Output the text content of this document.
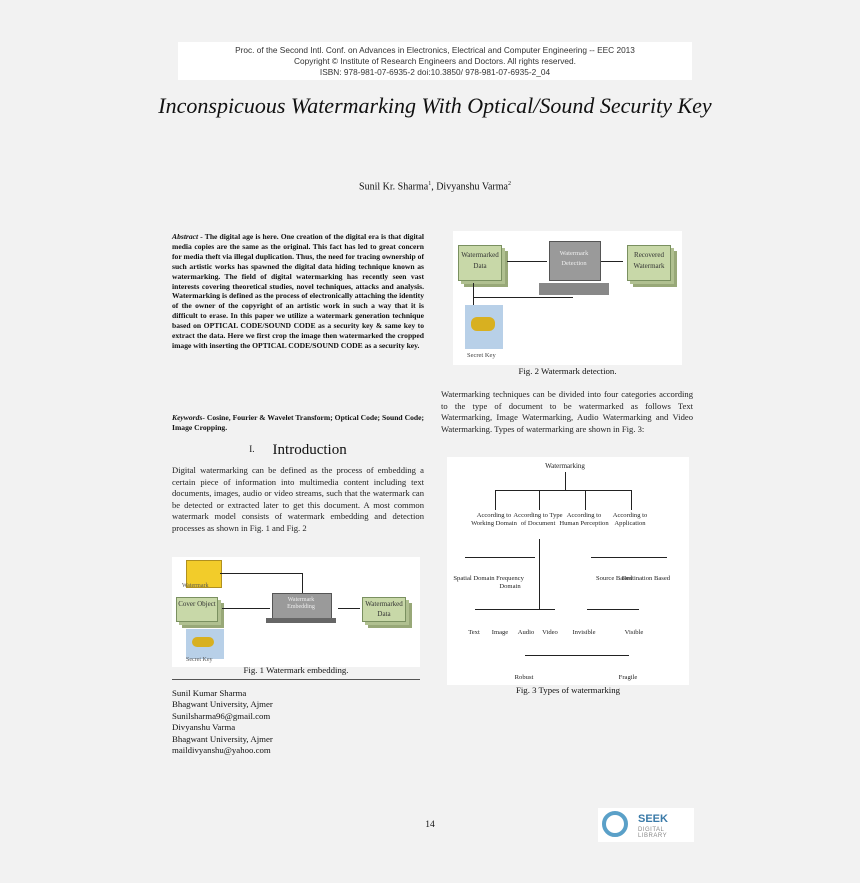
Proc. of the Second Intl. Conf. on Advances in Electronics, Electrical and Computer Engineering -- EEC 2013
Copyright © Institute of Research Engineers and Doctors. All rights reserved.
ISBN: 978-981-07-6935-2 doi:10.3850/ 978-981-07-6935-2_04
Inconspicuous Watermarking With Optical/Sound Security Key
Sunil Kr. Sharma$^1$, Divyanshu Varma$^2$
Abstract - The digital age is here. One creation of the digital era is that digital media copies are the same as the original. This fact has led to great concern for media theft via illegal duplication. Thus, the need for tracing ownership of such artistic works has spawned the digital data hiding technique known as watermarking. The field of digital watermarking has recently seen vast interests covering theoretical studies, novel techniques, attacks and analysis. Watermarking is defined as the process of electronically attaching the identity of the owner of the copyright of an artistic work in such a way that it is difficult to erase. In this paper we utilize a watermark generation technique based on OPTICAL CODE/SOUND CODE as a security key & same key to extract the data. Here we first crop the image then watermarked the cropped image with inserting the OPTICAL CODE/SOUND CODE as a security key.
Keywords- Cosine, Fourier & Wavelet Transform; Optical Code; Sound Code; Image Cropping.
I. Introduction
Digital watermarking can be defined as the process of embedding a certain piece of information into multimedia content including text documents, images, audio or video streams, such that the watermark can be detected or extracted later to get this document. A most common watermark model consists of watermark embedding and detection processes as shown in Fig. 1 and Fig. 2
Watermark
Cover Object
Secret Key
Watermark Embedding	Watermarked Data
Fig. 1 Watermark embedding.
Sunil Kumar Sharma
Bhagwant University, Ajmer
Sunilsharma96@gmail.com
Divyanshu Varma
Bhagwant University, Ajmer
maildivyanshu@yahoo.com
Watermarked Data
Watermark Detection
Recovered Watermark
Secret Key
Fig. 2 Watermark detection.
Watermarking techniques can be divided into four categories according to the type of document to be watermarked as follows Text Watermarking, Image Watermarking, Audio Watermarking and Video Watermarking. Types of watermarking are shown in Fig. 3:
Watermarking
According to Working Domain
According to Type of Document
According to Human Perception
According to Application
Spatial Domain Frequency Domain
Source Based
Destination Based
Text	Image	Audio	Video	Invisible	Visible
Robust	Fragile
Fig. 3 Types of watermarking
14	SEEK
DIGITAL LIBRARY
